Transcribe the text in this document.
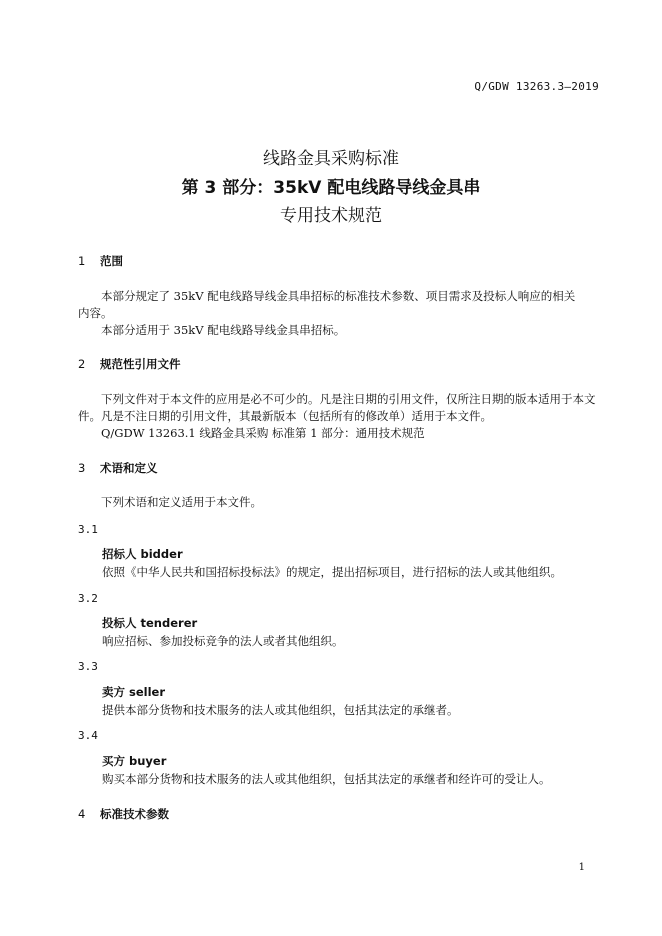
Q/GDW 13263.3—2019
线路金具采购标准
第 3 部分：35kV 配电线路导线金具串
专用技术规范
1 范围
本部分规定了 35kV 配电线路导线金具串招标的标准技术参数、项目需求及投标人响应的相关
内容。
本部分适用于 35kV 配电线路导线金具串招标。
2 规范性引用文件
下列文件对于本文件的应用是必不可少的。凡是注日期的引用文件，仅所注日期的版本适用于本文
件。凡是不注日期的引用文件，其最新版本（包括所有的修改单）适用于本文件。
Q/GDW 13263.1 线路金具采购 标准第 1 部分：通用技术规范
3 术语和定义
下列术语和定义适用于本文件。
3.1
招标人 bidder
依照《中华人民共和国招标投标法》的规定，提出招标项目，进行招标的法人或其他组织。
3.2
投标人 tenderer
响应招标、参加投标竞争的法人或者其他组织。
3.3
卖方 seller
提供本部分货物和技术服务的法人或其他组织，包括其法定的承继者。
3.4
买方 buyer
购买本部分货物和技术服务的法人或其他组织，包括其法定的承继者和经许可的受让人。
4 标准技术参数
1
